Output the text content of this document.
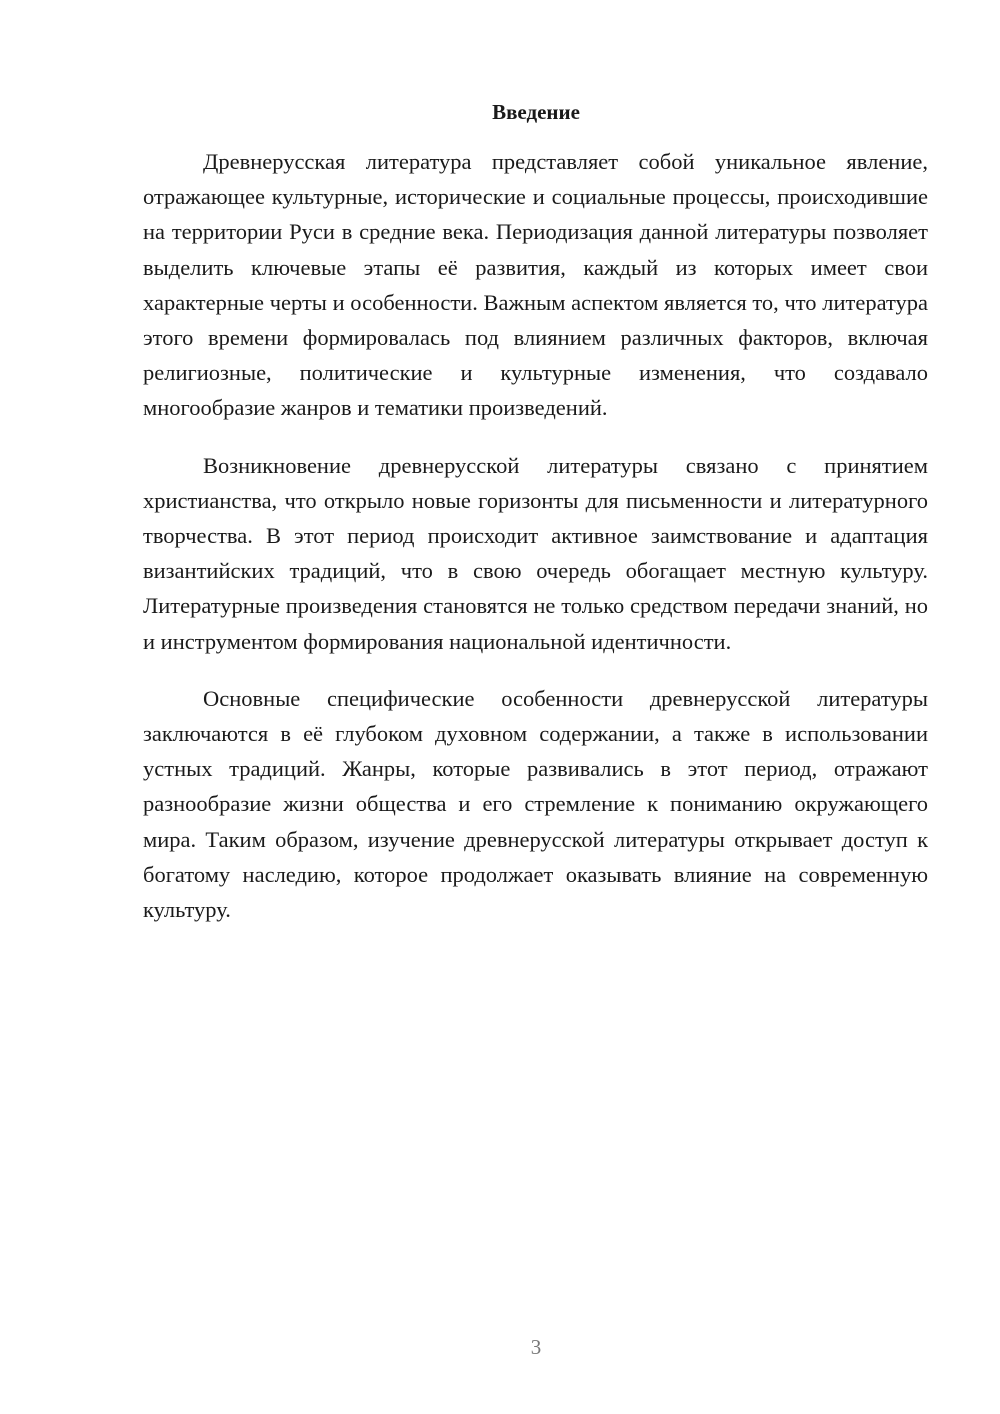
Введение

Древнерусская литература представляет собой уникальное явление, отражающее культурные, исторические и социальные процессы, происходившие на территории Руси в средние века. Периодизация данной литературы позволяет выделить ключевые этапы её развития, каждый из которых имеет свои характерные черты и особенности. Важным аспектом является то, что литература этого времени формировалась под влиянием различных факторов, включая религиозные, политические и культурные изменения, что создавало многообразие жанров и тематики произведений.

Возникновение древнерусской литературы связано с принятием христианства, что открыло новые горизонты для письменности и литературного творчества. В этот период происходит активное заимствование и адаптация византийских традиций, что в свою очередь обогащает местную культуру. Литературные произведения становятся не только средством передачи знаний, но и инструментом формирования национальной идентичности.

Основные специфические особенности древнерусской литературы заключаются в её глубоком духовном содержании, а также в использовании устных традиций. Жанры, которые развивались в этот период, отражают разнообразие жизни общества и его стремление к пониманию окружающего мира. Таким образом, изучение древнерусской литературы открывает доступ к богатому наследию, которое продолжает оказывать влияние на современную культуру.

3
